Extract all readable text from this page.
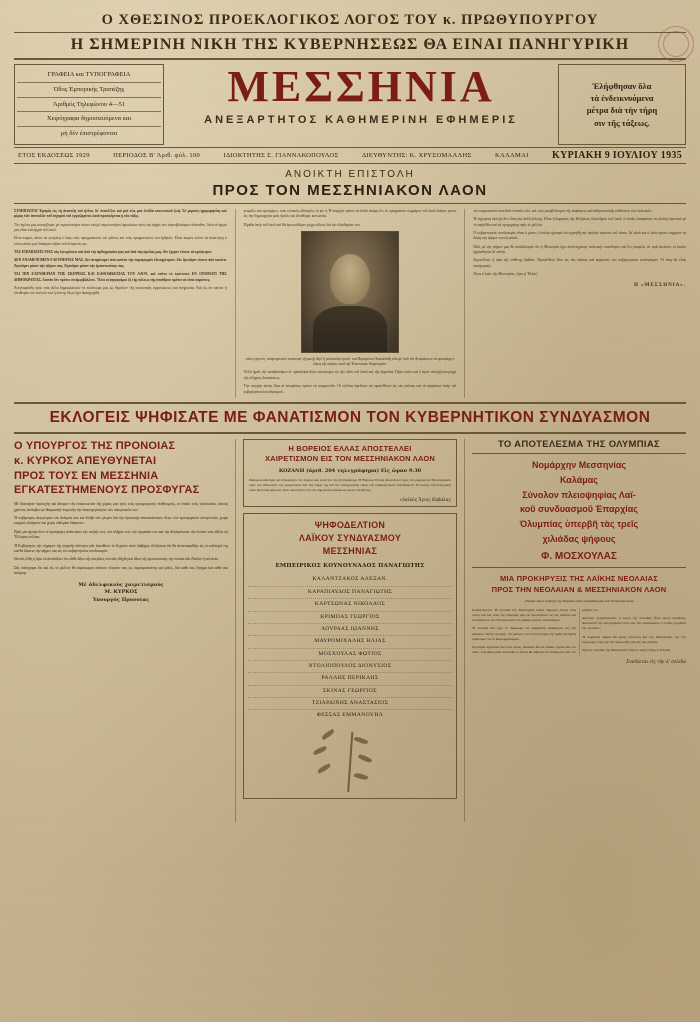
Ο ΧΘΕΣΙΝΟΣ ΠΡΟΕΚΛΟΓΙΚΟΣ ΛΟΓΟΣ ΤΟΥ κ. ΠΡΩΘΥΠΟΥΡΓΟΥ
Η ΣΗΜΕΡΙΝΗ ΝΙΚΗ ΤΗΣ ΚΥΒΕΡΝΗΣΕΩΣ ΘΑ ΕΙΝΑΙ ΠΑΝΗΓΥΡΙΚΗ
ΓΡΑΦΕΙΑ και ΤΥΠΟΓΡΑΦΕΙΑ
Όδος Έμπορικής Τραπέζης
Άριθμός Τηλεφώνου 4—51
Χειρόγραφα δημοσιευόμενα και
μή δέν έπιστρέφονται
ΜΕΣΣΗΝΙΑ
ΑΝΕΞΑΡΤΗΤΟΣ ΚΑΘΗΜΕΡΙΝΗ ΕΦΗΜΕΡΙΣ
Έλήφθησαν ὄλα
τὰ ἐνδεικνυόμενα
μέτρα διὰ τὴν τήρη
σιν τῆς τάξεως.
ΕΤΟΣ ΕΚΔΟΣΕΩΣ 1929	ΠΕΡΙΟΔΟΣ Β' Άριθ. φύλ. 100	ΙΔΙΟΚΤΗΤΗΣ Σ. ΓΙΑΝΝΑΚΟΠΟΥΛΟΣ	ΔΙΕΥΘΥΝΤΗΣ: Κ. ΧΡΥΣΟΜΑΛΛΗΣ	ΚΑΛΑΜΑΙ ΚΥΡΙΑΚΗ 9 ΙΟΥΛΙΟΥ 1935
ΑΝΟΙΚΤΗ ΕΠΙΣΤΟΛΗ
ΠΡΟΣ ΤΟΝ ΜΕΣΣΗΝΙΑΚΟΝ ΛΑΟΝ

ΣΥΜΠΟΛΙΤΑΙ Έμπρός εἰς τὴ ἀνατολὴ τοῦ ἡλίου, δι' ἀνατέλλει καὶ μιὰ νέα, μιὰ ἐλπίδα κοινωνικοῦ ζωῆ. Σὲ μερικὲς ἡμερομηνίας καὶ μέρας τῶν ἀνατολῶν τοῦ ἰσχυροῦ τοῦ ἐργαζομένου λαοῦ προσφέρεται ἡ νέα τάξις.

Τὸν ἀγῶνα μας συνεχίζομεν μὲ περισσοτέραν πίστιν καὶ μὲ περισσοτέραν ἀφοσίωσιν πρὸς τὰς ἀρχὰς ποὺ ἐπρεσβεύσαμεν ἀνέκαθεν, διότι αἱ ἀρχαί μας εἶναι καὶ ἀρχαὶ τοῦ λαοῦ.

Εἶναι καιρὸς πλέον νὰ γνωρίσῃ ὁ λαὸς τοὺς πραγματικοὺς του φίλους καὶ τοὺς πραγματικοὺς του ἐχθρούς. Εἶναι καιρὸς πλέον νὰ ἀποκτήσῃ ὁ τόπος αὐτὸς μιὰ διοίκησιν ἀξίαν τοῦ ὀνόματός της.

ΤΑΣ ΕΠΙΔΙΩΞΕΙΣ ΜΑΣ τὰς ἐγνωρίσατε καὶ ἀπὸ τὴν ἀρθογραφίαν μας καὶ ἀπὸ τὰς ὁμιλίας μας. Δὲν ἔχομεν τίποτε νὰ κρύψωμεν.

ΔΕΝ ΑΝΑΜΕΝΟΜΕΝ ΕΛΕΥΘΕΡΙΑΣ ΜΑΣ. Δὲν ἀναμένομεν ἀπὸ κανένα τὴν παραμικρὰν ἐξυπηρέτησιν. Δὲν ζητοῦμεν τίποτε ἀπὸ κανένα. Ζητοῦμεν μόνον τὴν ψῆφον σας. Ζητοῦμεν μόνον τὴν ἐμπιστοσύνην σας.

ΤΑΙ ΠΙΝ ΕΛΕΥΘΕΡΙΑΝ ΤΗΣ ΣΚΕΨΕΩΣ ΚΑΙ ΚΑΘΟΔΙΚΕΣΙΑΣ ΤΟΥ ΛΑΟΥ, καὶ τοῦτο τὸ ἐφέτεινον ΕΝ ΟΝΟΜΑΤΙ ΤΗΣ ΔΗΜΟΚΡΑΤΙΑΣ. Λοιπὸν δὲν πρέπει νὰ ἀμφιβάλλετε. Ὅλοι οἱ ψηφοφόροι ἐξ τῆς πόλεως τῆς ὑπαίθρου πρέπει νὰ εἶναι παρόντες.

Ἀνεγνωρίσθη πρὸς τοὺς ἄλλα δημοκρατικὸν τὸ πολίτευμα μας ὡς θεμέλιον τῆς κοινωνικῆς ὀργανώσεως καὶ ὑπηρεσίας. Καὶ ὡς ἐκ τούτου ἡ ἐλευθερία τῶν πολιτῶν καὶ ἡ ἰσότης ὅλων ἔχει διακηρυχθῆ.

γνωρίζω καὶ προσφέρω, τοὺς τελικοὺς ἀδελφοὺς τὸ ψέ, ἡ Ἡ ἱπαρχὴν πρέπει νὰ ἰδοῦν ἀκόμη ὅτι τὸ πραγματικὸ συμφέρον τοῦ λαοῦ ἀνήκει μόνον εἰς τὴν δημιουργίαν μιᾶς ὑγιοῦς καὶ ἐλευθέρας κοινωνίας.

Εἴμεθα ὑπὲρ τοῦ λαοῦ καὶ θὰ ἀγωνισθῶμεν μέχρι τέλους διὰ τὴν ἐλευθερίαν του.

τοῦτο γεγονός, ἀναμνηστικὸν σεαντοφίς τῇ φωνῇ. Δηλ' ἡ φιλοκαλίᾳ ὑγιοῦς· καὶ Περιφρόνει Ἀπεκλείσθη τέλεσμ' ἀπὸ τὸν Ἀτταράκτων νὰ προσφέρῃ ὁ λόγος τῆς σοφίας κατὰ τὴν Ἐπετειακὴν Ἀναμνησίαν.

Ἀλλὰ ἡμεῖς τὴν κατεβαίνομεν ἐν προσδοκίᾳ διότι πιστεύομεν εἰς τὴν ὁδὸν τοῦ λαοῦ καὶ τῆς ἐργασίας. Πρὸς τοῦτο καὶ ὁ ἀγὼν συνεχίζεται μέχρι τῆς πλήρους δικαιώσεως.

Τὴν στιγμὴν αὐτὴν ὅλαι αἱ ἀποφάσεις πρέπει νὰ συμφωνοῦν. Οἱ πολῖται ὀφείλουν νὰ προσέλθουν εἰς τὰς κάλπας καὶ νὰ ψηφίσουν ὑπὲρ τοῦ κυβερνητικοῦ συνδυασμοῦ.

τὸν κυρηνατικὸν ἐκτελοῦν ἐπίπεδο τῶν, καὶ τοὺς μεταβλέπομεν τῆς ἐκφάσεως καὶ ἀνθρωπιστικῆς ἐπιθέσεως τῶν πολιτικῶν.

Ἡ σημερινὴ ἐκλογὴ δὲν εἶναι μία ἁπλῆ ἐκλογὴ. Εἶναι ἡ ἔκφρασις τῆς θελήσεως ὁλοκλήρου τοῦ λαοῦ, ὁ ὁποῖος ἀπεφάσισε νὰ κλείσῃ ὁριστικὰ μὲ τὸ παρελθὸν καὶ νὰ προχωρήσῃ πρὸς τὸ μέλλον.

Ὁ κυβερνητικὸς συνδυασμὸς εἶναι ὁ μόνος ὁ ὁποῖος ἠμπορεῖ νὰ ἐγγυηθῇ τὴν ὁμαλὴν πορείαν τοῦ τόπου. Δι' αὐτὸ καὶ ὁ λαὸς πρέπει σήμερον νὰ δώσῃ τὴν ψῆφον του εἰς αὐτόν.

Μεῖς μὲ τὴν ψῆφον μας θὰ ἀποδείξωμεν ὅτι ἡ Μεσσηνία ἔχει ἀνεπτυγμένην πολιτικὴν συνείδησιν καὶ ὅτι γνωρίζει νὰ τιμᾷ ἐκείνους οἱ ὁποῖοι ἠργάσθησαν δι' αὐτήν.

Συμπολῖται, ἡ ὥρα τῆς εὐθύνης ἔφθασε. Προσέλθετε ὅλοι εἰς τὰς κάλπας καὶ ψηφίσατε τὸν κυβερνητικὸν συνδυασμόν. Ἡ νίκη θὰ εἶναι πανηγυρική.

Ζήτω ὁ λαὸς τῆς Μεσσηνίας, ζήτω ἡ Ἑλλάς!

Η «ΜΕΣΣΗΝΙΑ».
ΕΚΛΟΓΕΙΣ ΨΗΦΙΣΑΤΕ ΜΕ ΦΑΝΑΤΙΣΜΟΝ ΤΟΝ ΚΥΒΕΡΝΗΤΙΚΟΝ ΣΥΝΔΥΑΣΜΟΝ
Ο ΥΠΟΥΡΓΟΣ ΤΗΣ ΠΡΟΝΟΙΑΣ
κ. ΚΥΡΚΟΣ ΑΠΕΥΘΥΝΕΤΑΙ
ΠΡΟΣ ΤΟΥΣ ΕΝ ΜΕΣΣΗΝΙΑ
ΕΓΚΑΤΕΣΤΗΜΕΝΟΥΣ ΠΡΟΣΦΥΓΑΣ

Μὲ ἰδιαιτέραν προσοχὴν καὶ ἄπειρον τὴν ἐπικοινωνίαν τῆς χώρας μας πρὸς τοὺς προσφυγικοὺς πληθυσμούς, οἱ ὁποῖοι τοὺς τελευταίους αὐτοὺς χρόνους ἀνέλαβον μὲ θαυμαστὴν ἐπιμονὴν τὴν ἀνασυγκρότησιν τῶν οἰκογενειῶν των.

Ἡ κυβέρνησις ἀνεγνώρισε τὰς ἀνάγκας σας καὶ ἔλαβε πᾶν μέτρον διὰ τὴν ὁριστικὴν ἀποκατάστασιν ὅλων τῶν προσφυγικῶν οἰκογενειῶν, χωρὶς καμμίαν ἐξαίρεσιν καὶ χωρὶς οὐδεμίαν διάκρισιν.

Πρὸς μία ἡμέρα ὅλοι οἱ πρόσφυγες ἀπέκτησαν τὴν στέγην των, τὸν κλῆρον των, τὴν ἐργασίαν των καὶ τὴν ἀξιοπρέπειαν τὴν ὁποίαν τοὺς ἀξίζει ὡς Ἕλληνας πολίτας.

Ἡ Κυβέρνησις τὴν σήμερον τῆς ψυχικῆς ἑνότητος σᾶς ἀπευθύνει τὸ ἔσχατον αὐτὸ διάβημα, ἐλπίζουσα ὅτι θὰ ἀνταποκριθῆτε εἰς τὸ κάλεσμά της καὶ θὰ δώσετε τὴν ψῆφον σας εἰς τὸν κυβερνητικὸν συνδυασμόν.

Θὰ σᾶς ἔλθη ἡ ὥρα νὰ ἀποδείξετε ὅτι εἶσθε ἄξιοι τῆς πατρίδος ποὺ σᾶς ἐδέχθη καὶ ἄξιοι τῆς ἐμπιστοσύνης τὴν ὁποίαν σᾶς ἔδειξεν ἡ πολιτεία.

Σᾶς ὑπόσχομαι ὅτι καὶ εἰς τὸ μέλλον θὰ εὑρίσκωμαι πάντοτε πλησίον σας ὡς συμπαραστάτης καὶ φίλος, διὰ κάθε σας ζήτημα καὶ κάθε σας ἀνάγκην.

Μὲ ἀδελφικοὺς χαιρετισμοὺς
Μ. ΚΥΡΚΟΣ
Υπουργός Προνοίας
Η ΒΟΡΕΙΟΣ ΕΛΛΑΣ ΑΠΟΣΤΕΛΛΕΙ
ΧΑΙΡΕΤΙΣΜΟΝ ΕΙΣ ΤΟΝ ΜΕΣΣΗΝΙΑΚΟΝ ΛΑΟΝ
ΚΟΖΑΝΗ (ἀριθ. 204 τηλεγράφημα) Εἰς ὥραν 9.30
Παρακολουθοῦμεν μὲ ἐνδιαφέρον τὸν ἀγῶνα σας ἐναντίον τῆς ἀντιδράσεως. Ἡ Βόρειος Ἑλλὰς ἀποστέλλει πρὸς τὸν μαχόμενον Μεσσηνιακὸν λαὸν τὸν ἀδελφικόν της χαιρετισμὸν καὶ τὰς εὐχάς της διὰ τὴν πανηγυρικὴν νίκην τοῦ κυβερνητικοῦ συνδυασμοῦ. Ἡ ἑνότης τοῦ ἑλληνικοῦ λαοῦ θὰ ἀποδειχθῆ καὶ πάλιν ἀκλόνητος εἰς τὰς σημερινὰς κρισίμους ὥρας τοῦ ἔθνους.
«Λαϊκὸς Ἅγιος Καβάλας
ΨΗΦΟΔΕΛΤΙΟΝ
ΛΑΪΚΟΥ ΣΥΝΔΥΑΣΜΟΥ
ΜΕΣΣΗΝΙΑΣ
ΕΜΠΕΙΡΙΚΟΣ ΚΟΥΝΟΥΝΑΔΟΣ ΠΑΝΑΓΙΩΤΗΣ
ΚΑΛΑΝΤΖΑΚΟΣ ΑΛΕΞΑΝ.
ΚΑΡΑΠΙΑΥΔΟΣ ΠΑΝΑΓΙΩΤΗΣ
ΚΑΡΤΣΩΝΑΣ ΝΙΚΟΛΑΟΣ
ΚΡΙΜΠΑΣ ΓΕΩΡΓΙΟΣ
ΛΟΥΡΔΑΣ ΙΩΑΝΝΗΣ
ΜΑΥΡΟΜΙΧΑΛΗΣ ΗΛΙΑΣ
ΜΟΣΧΟΥΛΑΣ ΦΩΤΙΟΣ
ΝΤΟΛΙΟΠΟΥΛΟΣ ΔΙΟΝΥΣΙΟΣ
ΡΑΛΛΗΣ ΠΕΡΙΚΛΗΣ
ΣΚΙΝΑΣ ΓΕΩΡΓΙΟΣ
ΤΖΙΑΡΔΙΝΗΣ ΑΝΑΣΤΑΣΙΟΣ
ΦΕΣΣΑΣ ΕΜΜΑΝΟΥΗΛ
ΤΟ ΑΠΟΤΕΛΕΣΜΑ ΤΗΣ ΟΛΥΜΠΙΑΣ
Νομάρχην Μεσσηνίας
Καλάμας
Σύνολον πλειοψηφίας Λαϊ-
κοῦ συνδυασμοῦ Ἐπαρχίας
Ὀλυμπίας ὑπερβῆ τὰς τρεῖς
χιλιάδας ψήφους
Φ. ΜΟΣΧΟΥΛΑΣ
ΜΙΑ ΠΡΟΚΗΡΥΞΙΣ ΤΗΣ ΛΑΪΚΗΣ ΝΕΟΛΑΙΑΣ
ΠΡΟΣ ΤΗΝ ΝΕΟΛΑΙΑΝ & ΜΕΣΣΗΝΙΑΚΟΝ ΛΑΟΝ
«Ὑπεραν ἀλων ἡ ἀσυχὴ τῆς Πατρίδος καὶ ἡ συναδέλφωσις τοῦ Ἑλληνικοῦ λαοῦ»

Συμπατριῶται, Ἡ νεολαία τῆς Μεσσηνίας καλεῖ σήμερον ὅλους τοὺς νέους καὶ τὰς νέας τῆς ἐπαρχίας μας νὰ προσέλθουν εἰς τὰς κάλπας καὶ νὰ ψηφίσουν μὲ ἐνθουσιασμὸν τὸν κυβερνητικὸν συνδυασμόν.

Ἡ νεολαία δὲν ἔχει τὸ δικαίωμα νὰ παραμείνῃ ἀδιάφορος εἰς τὴν κρίσιμον αὐτὴν στιγμήν. Τὸ μέλλον τοῦ τόπου ἀνήκει εἰς ἡμᾶς καὶ ἡμεῖς ὀφείλομεν νὰ τὸ διαμορφώσωμεν.

Ζητοῦμεν ἐργασίαν διὰ τοὺς νέους, παιδείαν διὰ τὰ παιδιά, ὑγείαν διὰ τὸν λαόν. Ζητοῦμεν μίαν πολιτείαν ἡ ὁποία θὰ σέβεται τὸν ἄνθρωπον καὶ τὸν μόχθον του.

Ἀδελφοὶ συμπατριῶται, ἡ φωνὴ τῆς νεολαίας εἶναι φωνὴ ἀληθείας. Ἀκούσατέ την καὶ ψηφίσατε ὅλοι σας τὸν συνδυασμὸν ὁ ὁποῖος ἐγγυᾶται τὴν πρόοδον.

Ἡ σημερινὴ ἡμέρα θὰ μείνῃ ἱστορικὴ διὰ τὴν Μεσσηνίαν. Ἂς τὴν τιμήσωμεν ὅλοι μὲ τὴν παρουσίαν μας εἰς τὰς κάλπας.

Ζήτω ἡ νεολαία τῆς Μεσσηνίας! Ζήτω ὁ λαὸς! Ζήτω ἡ Ἑλλάς!

Συνδέεται εἰς τὴν Δ' σελίδα
